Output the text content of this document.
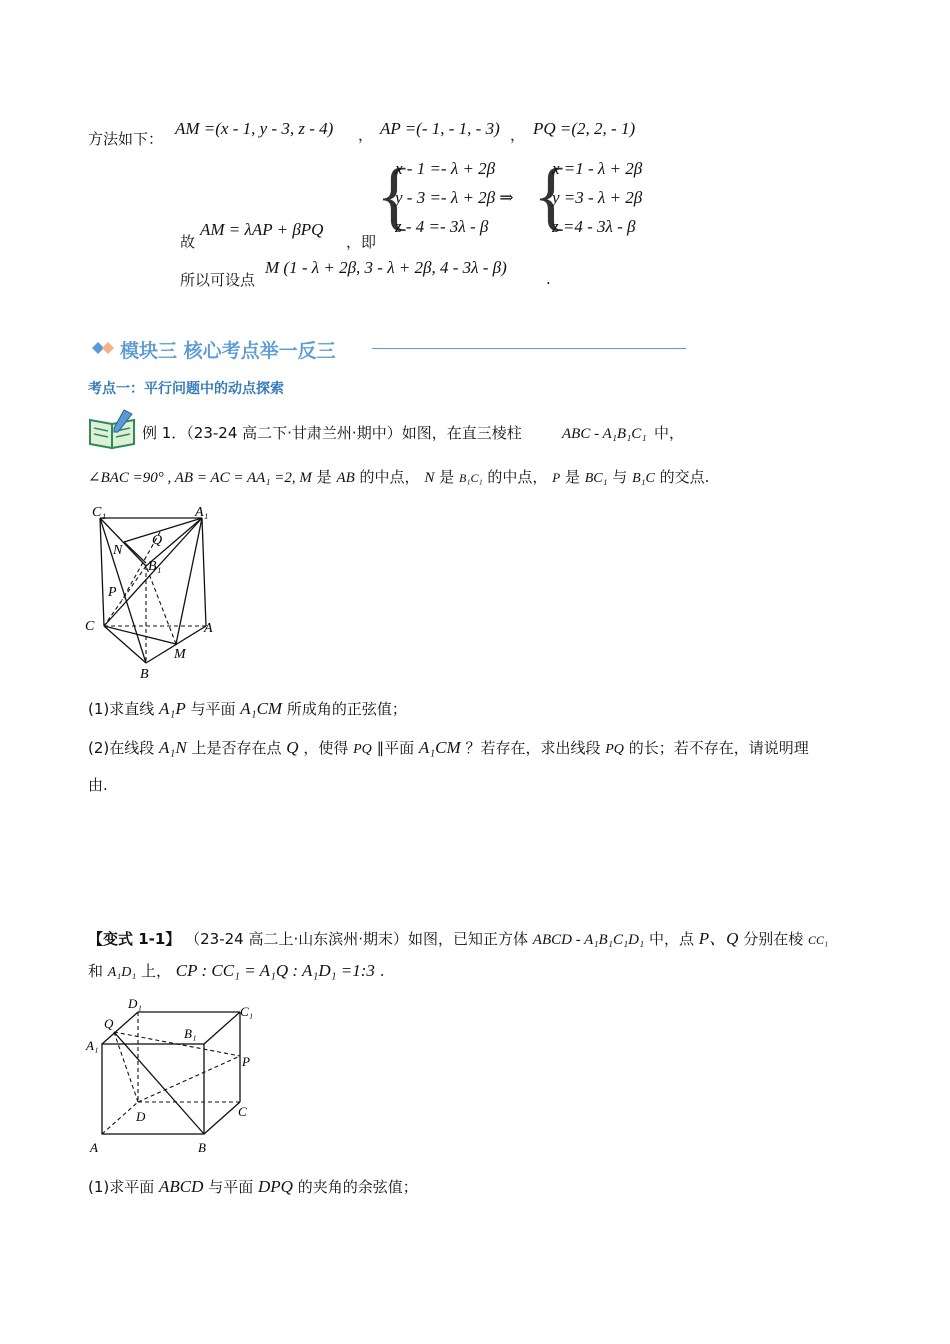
方法如下：
AM =(x - 1, y - 3, z - 4) ， AP =(- 1, - 1, - 3) ， PQ =(2, 2, - 1)
{
x - 1 =- λ + 2β
y - 3 =- λ + 2β ⇒
z - 4 =- 3λ - β {
x =1 - λ + 2β
y =3 - λ + 2β
z =4 - 3λ - β
故
AM = λAP + βPQ
，即
所以可设点
M (1 - λ + 2β, 3 - λ + 2β, 4 - 3λ - β)
.
模块三 核心考点举一反三
考点一：平行问题中的动点探索
例 1．（23-24 高二下·甘肃兰州·期中）如图，在直三棱柱	ABC - A₁B₁C₁ 中，
∠BAC =90° , AB = AC = AA₁ =2, M 是 AB 的中点， N 是 B₁C₁ 的中点， P 是 BC₁ 与 B₁C 的交点.
C₁	A₁
N
Q
B₁
P
C	A
M
B
(1)求直线 A₁P 与平面 A₁CM 所成角的正弦值；
(2)在线段 A₁N 上是否存在点 Q ，使得 PQ ∥平面 A₁CM ？若存在，求出线段 PQ 的长；若不存在，请说明理
由.
【变式 1-1】 （23-24 高二上·山东滨州·期末）如图，已知正方体 ABCD - A₁B₁C₁D₁ 中，点 P、Q 分别在棱 CC₁
和 A₁D₁ 上， CP : CC₁ = A₁Q : A₁D₁ =1:3 .
D₁
C₁
Q
B₁
A₁
P
D	C
A	B
(1)求平面 ABCD 与平面 DPQ 的夹角的余弦值；
